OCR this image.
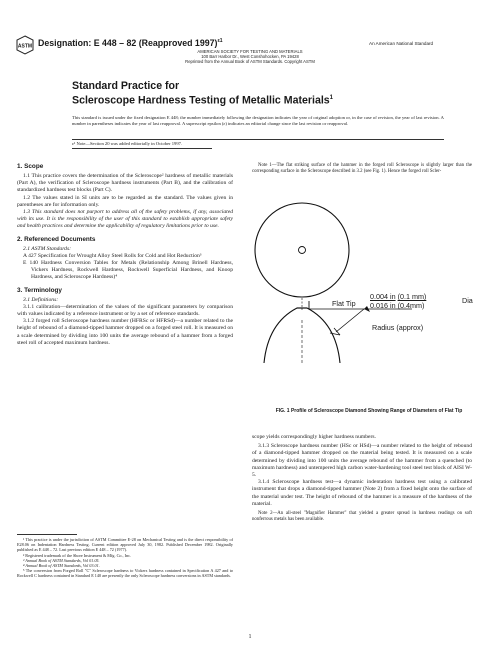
ASTM Designation: E 448 – 82 (Reapproved 1997)$^{\varepsilon 1}$	An American National Standard
AMERICAN SOCIETY FOR TESTING AND MATERIALS
100 Barr Harbor Dr., West Conshohocken, PA 19428
Reprinted from the Annual Book of ASTM Standards. Copyright ASTM
Standard Practice for
Scleroscope Hardness Testing of Metallic Materials$^1$
This standard is issued under the fixed designation E 448; the number immediately following the designation indicates the year of original adoption or, in the case of revision, the year of last revision. A number in parentheses indicates the year of last reapproval. A superscript epsilon (ε) indicates an editorial change since the last revision or reapproval.
ε¹ Note—Section 20 was added editorially in October 1997.
1. Scope

1.1 This practice covers the determination of the Scleroscope² hardness of metallic materials (Part A), the verification of Scleroscope hardness instruments (Part B), and the calibration of standardized hardness test blocks (Part C).

1.2 The values stated in SI units are to be regarded as the standard. The values given in parentheses are for information only.

1.3 This standard does not purport to address all of the safety problems, if any, associated with its use. It is the responsibility of the user of this standard to establish appropriate safety and health practices and determine the applicability of regulatory limitations prior to use.

2. Referenced Documents

2.1 ASTM Standards:

A 427 Specification for Wrought Alloy Steel Rolls for Cold and Hot Reduction³

E 140 Hardness Conversion Tables for Metals (Relationship Among Brinell Hardness, Vickers Hardness, Rockwell Hardness, Rockwell Superficial Hardness, and Knoop Hardness, and Scleroscope Hardness)⁴

3. Terminology

3.1 Definitions:

3.1.1 calibration—determination of the values of the significant parameters by comparison with values indicated by a reference instrument or by a set of reference standards.

3.1.2 forged roll Scleroscope hardness number (HFRSc or HFRSd)—a number related to the height of rebound of a diamond-tipped hammer dropped on a forged steel roll. It is measured on a scale determined by dividing into 100 units the average rebound of a hammer from a forged steel roll of accepted maximum hardness.

¹ This practice is under the jurisdiction of ASTM Committee E-28 on Mechanical Testing and is the direct responsibility of E28.06 on Indentation Hardness Testing. Current edition approved July 30, 1982. Published December 1982. Originally published as E 448 – 72. Last previous edition E 448 – 72 (1977).

² Registered trademark of the Shore Instrument & Mfg. Co., Inc.

³ Annual Book of ASTM Standards, Vol 01.05.

⁴ Annual Book of ASTM Standards, Vol 03.01.

⁵ The conversion from Forged Roll "C" Scleroscope hardness to Vickers hardness contained in Specification A 427 and to Rockwell C hardness contained in Standard E 140 are presently the only Scleroscope hardness conversions in ASTM standards.

Note 1—The flat striking surface of the hammer in the forged roll Scleroscope is slightly larger than the corresponding surface in the Scleroscope described in 3.2 (see Fig. 1). Hence the forged roll Scler-

Flat Tip
0.004 in (0.1 mm)
0.016 in (0.4mm)
Dia
Radius (approx)
FIG. 1 Profile of Scleroscope Diamond Showing Range of Diameters of Flat Tip

scope yields correspondingly higher hardness numbers.

3.1.3 Scleroscope hardness number (HSc or HSd)—a number related to the height of rebound of a diamond-tipped hammer dropped on the material being tested. It is measured on a scale determined by dividing into 100 units the average rebound of the hammer from a quenched (to maximum hardness) and untempered high carbon water-hardening tool steel test block of AISI W-5.

3.1.4 Scleroscope hardness test—a dynamic indentation hardness test using a calibrated instrument that drops a diamond-tipped hammer (Note 2) from a fixed height onto the surface of the material under test. The height of rebound of the hammer is a measure of the hardness of the material.

Note 2—An all-steel "Magnifier Hammer" that yielded a greater spread in hardness readings on soft nonferrous metals has been available.

1
